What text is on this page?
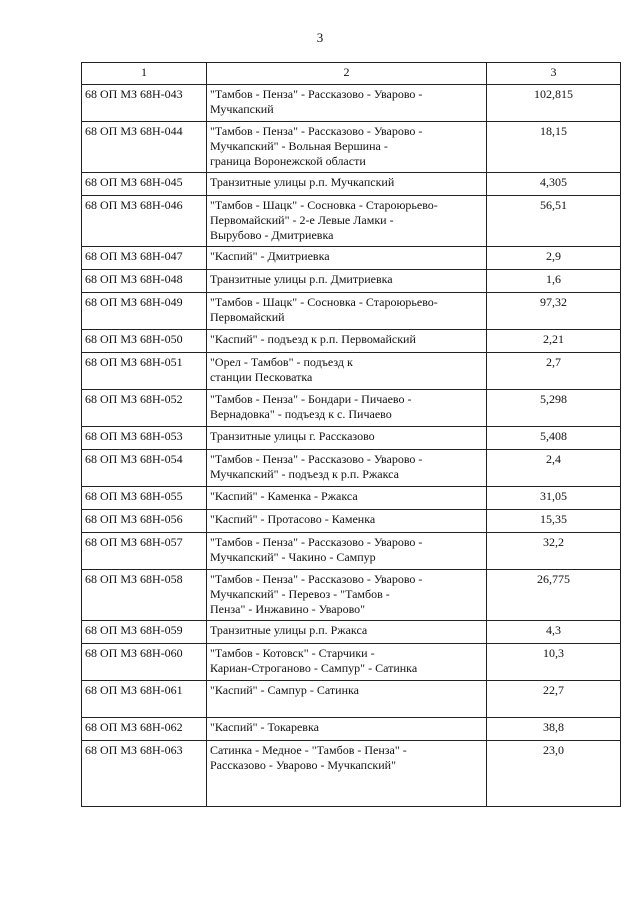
3
1	2	3
68 ОП МЗ 68Н-043	"Тамбов - Пенза" - Рассказово - Уварово -
Мучкапский	102,815
68 ОП МЗ 68Н-044	"Тамбов - Пенза" - Рассказово - Уварово -
Мучкапский" - Вольная Вершина -
граница Воронежской области	18,15
68 ОП МЗ 68Н-045	Транзитные улицы р.п. Мучкапский	4,305
68 ОП МЗ 68Н-046	"Тамбов - Шацк" - Сосновка - Староюрьево-
Первомайский" - 2-е Левые Ламки -
Вырубово - Дмитриевка	56,51
68 ОП МЗ 68Н-047	"Каспий" - Дмитриевка	2,9
68 ОП МЗ 68Н-048	Транзитные улицы р.п. Дмитриевка	1,6
68 ОП МЗ 68Н-049	"Тамбов - Шацк" - Сосновка - Староюрьево-
Первомайский	97,32
68 ОП МЗ 68Н-050	"Каспий" - подъезд к р.п. Первомайский	2,21
68 ОП МЗ 68Н-051	"Орел - Тамбов" - подъезд к
станции Песковатка	2,7
68 ОП МЗ 68Н-052	"Тамбов - Пенза" - Бондари - Пичаево -
Вернадовка" - подъезд к с. Пичаево	5,298
68 ОП МЗ 68Н-053	Транзитные улицы г. Рассказово	5,408
68 ОП МЗ 68Н-054	"Тамбов - Пенза" - Рассказово - Уварово -
Мучкапский" - подъезд к р.п. Ржакса	2,4
68 ОП МЗ 68Н-055	"Каспий" - Каменка - Ржакса	31,05
68 ОП МЗ 68Н-056	"Каспий" - Протасово - Каменка	15,35
68 ОП МЗ 68Н-057	"Тамбов - Пенза" - Рассказово - Уварово -
Мучкапский" - Чакино - Сампур	32,2
68 ОП МЗ 68Н-058	"Тамбов - Пенза" - Рассказово - Уварово -
Мучкапский" - Перевоз - "Тамбов -
Пенза" - Инжавино - Уварово"	26,775
68 ОП МЗ 68Н-059	Транзитные улицы р.п. Ржакса	4,3
68 ОП МЗ 68Н-060	"Тамбов - Котовск" - Старчики -
Кариан-Строганово - Сампур" - Сатинка	10,3
68 ОП МЗ 68Н-061	"Каспий" - Сампур - Сатинка	22,7
68 ОП МЗ 68Н-062	"Каспий" - Токаревка	38,8
68 ОП МЗ 68Н-063	Сатинка - Медное - "Тамбов - Пенза" -
Рассказово - Уварово - Мучкапский"	23,0
